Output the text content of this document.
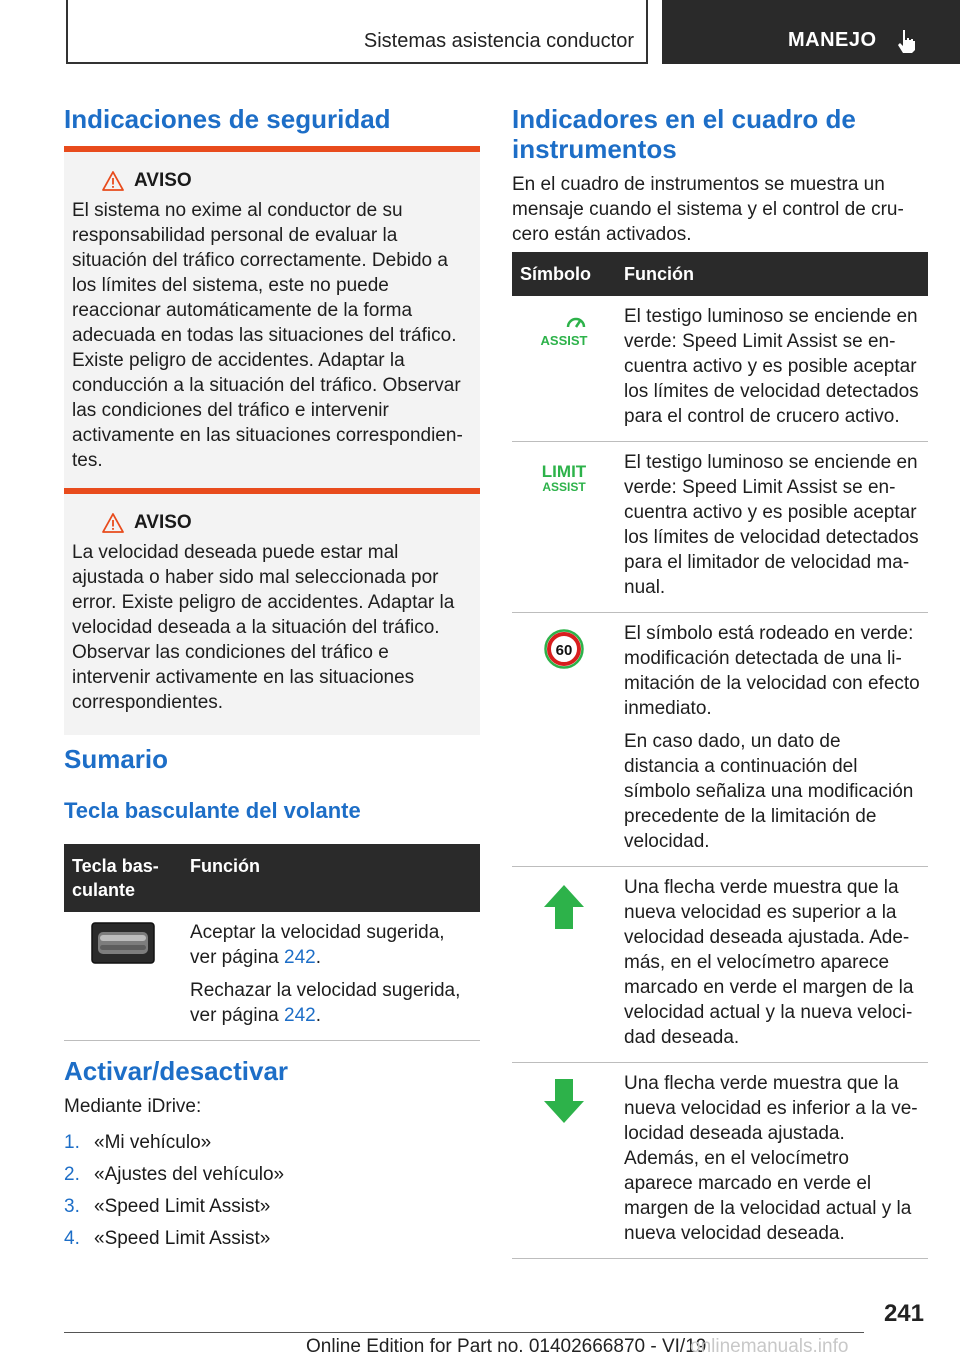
Sistemas asistencia conductor	MANEJO
Indicaciones de seguridad
AVISO
El sistema no exime al conductor de su responsabilidad personal de evaluar la situación del tráfico correctamente. Debido a los límites del sistema, este no puede reaccionar automáticamente de la forma adecuada en todas las situaciones del tráfico. Existe peligro de accidentes. Adaptar la conducción a la situación del tráfico. Observar las condiciones del tráfico e intervenir activamente en las situaciones correspondientes.
AVISO
La velocidad deseada puede estar mal ajustada o haber sido mal seleccionada por error. Existe peligro de accidentes. Adaptar la velocidad deseada a la situación del tráfico. Observar las condiciones del tráfico e intervenir activamente en las situaciones correspondientes.
Sumario
Tecla basculante del volante
Tecla basculante	Función

Aceptar la velocidad sugerida, ver página 242.

Rechazar la velocidad sugerida, ver página 242.

Activar/desactivar
Mediante iDrive:
1. «Mi vehículo»
2. «Ajustes del vehículo»
3. «Speed Limit Assist»
4. «Speed Limit Assist»
Indicadores en el cuadro de instrumentos
En el cuadro de instrumentos se muestra un mensaje cuando el sistema y el control de crucero están activados.
Símbolo	Función

ASSIST	El testigo luminoso se enciende en verde: Speed Limit Assist se encuentra activo y es posible aceptar los límites de velocidad detectados para el control de crucero activo.

LIMIT
ASSIST	El testigo luminoso se enciende en verde: Speed Limit Assist se encuentra activo y es posible aceptar los límites de velocidad detectados para el limitador de velocidad manual.

60	El símbolo está rodeado en verde: modificación detectada de una limitación de la velocidad con efecto inmediato.

En caso dado, un dato de distancia a continuación del símbolo señaliza una modificación precedente de la limitación de velocidad.

	Una flecha verde muestra que la nueva velocidad es superior a la velocidad deseada ajustada. Además, en el velocímetro aparece marcado en verde el margen de la velocidad actual y la nueva velocidad deseada.
	Una flecha verde muestra que la nueva velocidad es inferior a la velocidad deseada ajustada. Además, en el velocímetro aparece marcado en verde el margen de la velocidad actual y la nueva velocidad deseada.
241
Online Edition for Part no. 01402666870 - VI/19
onlinemanuals.info
